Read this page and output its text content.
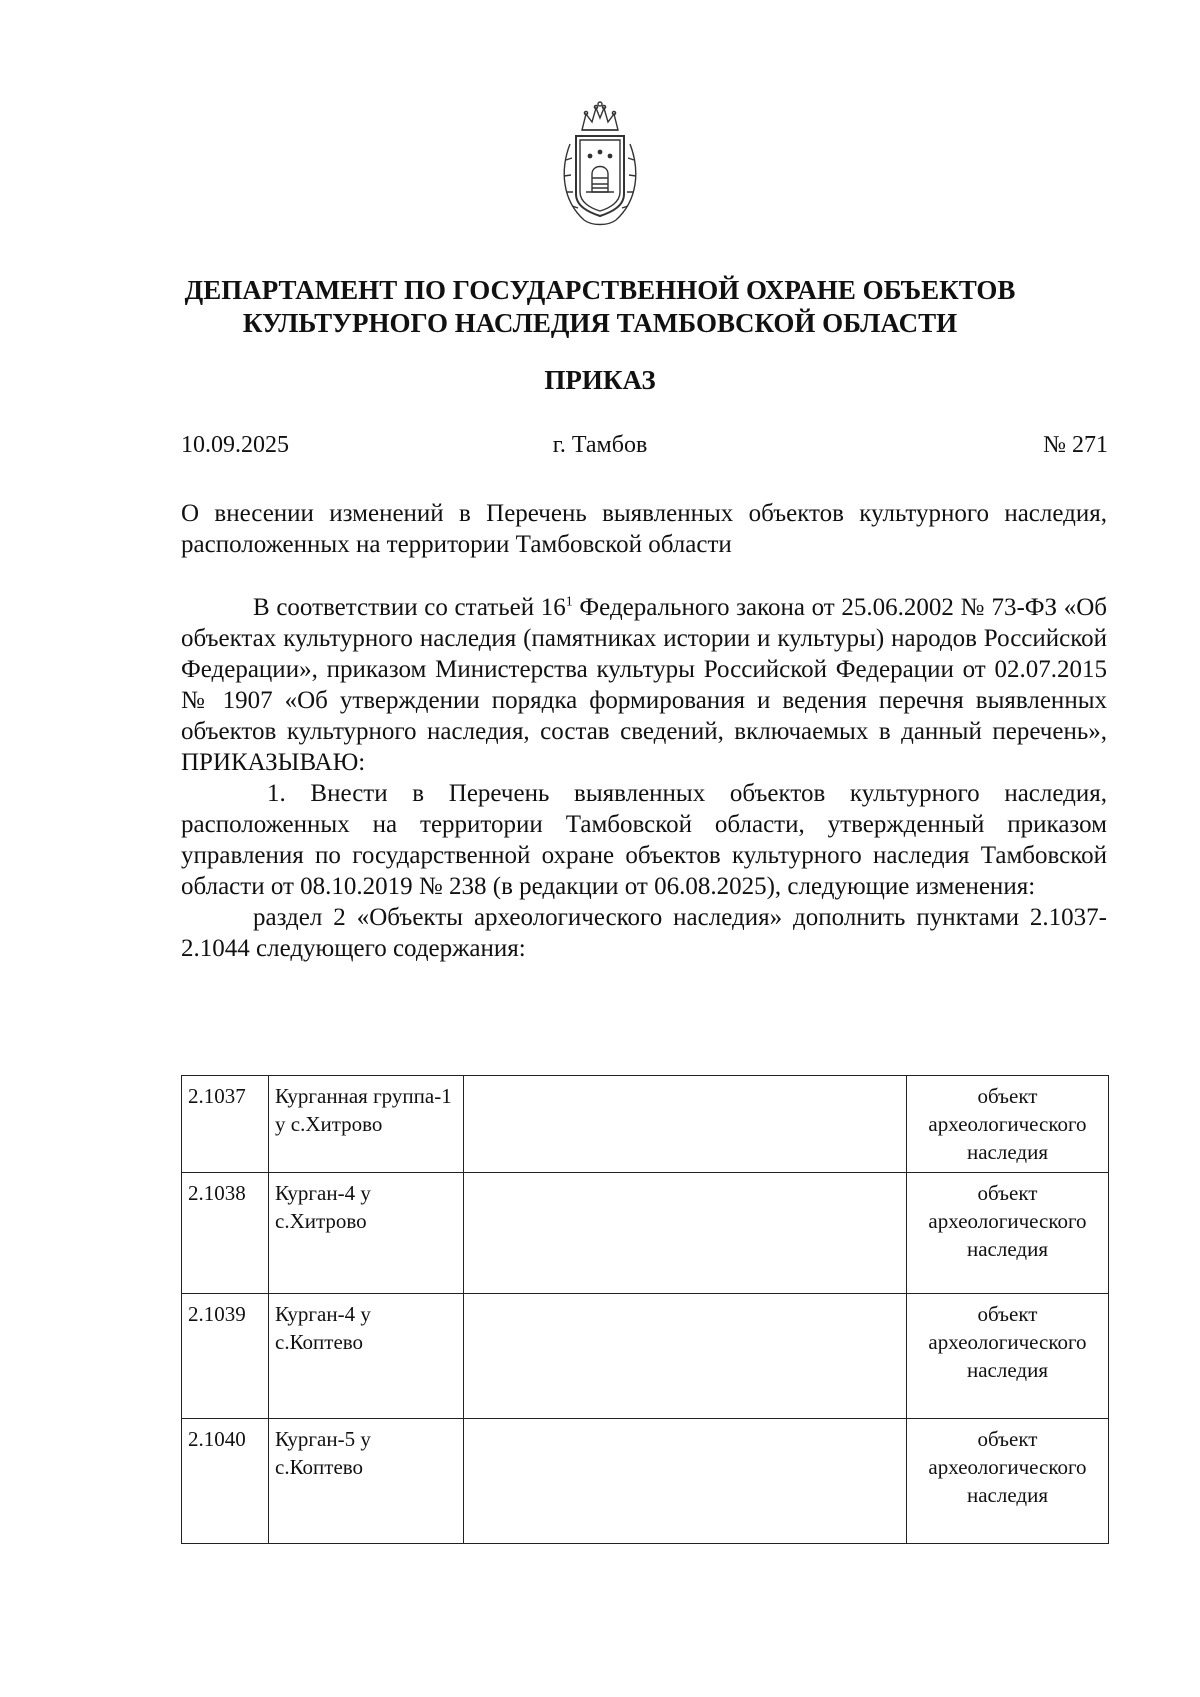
ДЕПАРТАМЕНТ ПО ГОСУДАРСТВЕННОЙ ОХРАНЕ ОБЪЕКТОВ КУЛЬТУРНОГО НАСЛЕДИЯ ТАМБОВСКОЙ ОБЛАСТИ
ПРИКАЗ
10.09.2025	г. Тамбов	№ 271
О внесении изменений в Перечень выявленных объектов культурного наследия, расположенных на территории Тамбовской области

В соответствии со статьей $16^1$ Федерального закона от 25.06.2002 № 73-ФЗ «Об объектах культурного наследия (памятниках истории и культуры) народов Российской Федерации», приказом Министерства культуры Российской Федерации от 02.07.2015 № 1907 «Об утверждении порядка формирования и ведения перечня выявленных объектов культурного наследия, состав сведений, включаемых в данный перечень», ПРИКАЗЫВАЮ:

1. Внести в Перечень выявленных объектов культурного наследия, расположенных на территории Тамбовской области, утвержденный приказом управления по государственной охране объектов культурного наследия Тамбовской области от 08.10.2019 № 238 (в редакции от 06.08.2025), следующие изменения:

раздел 2 «Объекты археологического наследия» дополнить пунктами 2.1037-2.1044 следующего содержания:

2.1037	Курганная группа-1 у с.Хитрово		объект археологического наследия
2.1038	Курган-4 у с.Хитрово		объект археологического наследия
2.1039	Курган-4 у с.Коптево		объект археологического наследия
2.1040	Курган-5 у с.Коптево		объект археологического наследия
